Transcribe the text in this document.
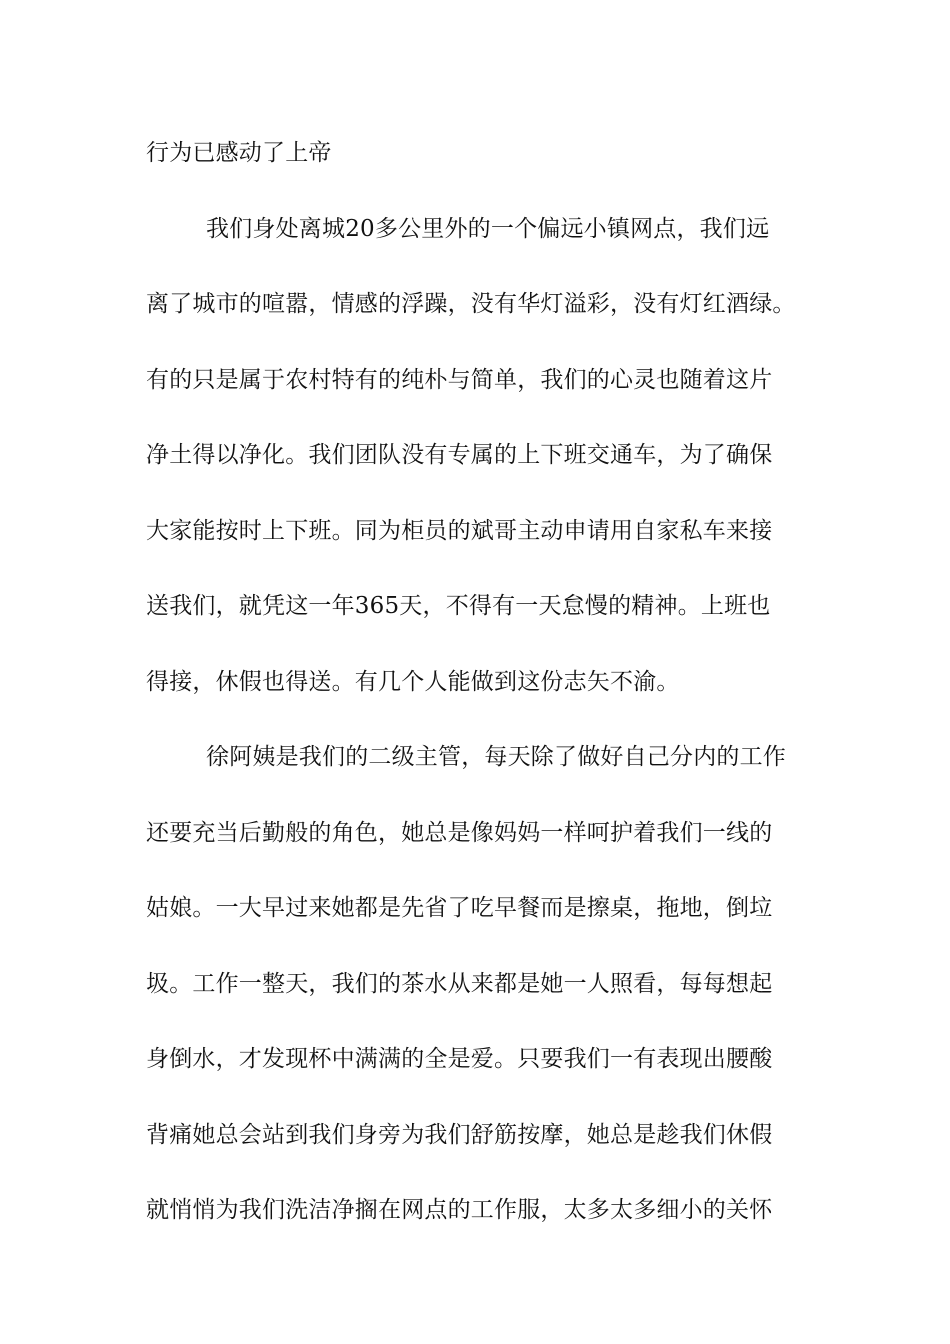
行为已感动了上帝
我们身处离城20多公里外的一个偏远小镇网点，我们远
离了城市的喧嚣，情感的浮躁，没有华灯溢彩，没有灯红酒绿。
有的只是属于农村特有的纯朴与简单，我们的心灵也随着这片
净土得以净化。我们团队没有专属的上下班交通车，为了确保
大家能按时上下班。同为柜员的斌哥主动申请用自家私车来接
送我们，就凭这一年365天，不得有一天怠慢的精神。上班也
得接，休假也得送。有几个人能做到这份志矢不渝。
徐阿姨是我们的二级主管，每天除了做好自己分内的工作
还要充当后勤般的角色，她总是像妈妈一样呵护着我们一线的
姑娘。一大早过来她都是先省了吃早餐而是擦桌，拖地，倒垃
圾。工作一整天，我们的茶水从来都是她一人照看，每每想起
身倒水，才发现杯中满满的全是爱。只要我们一有表现出腰酸
背痛她总会站到我们身旁为我们舒筋按摩，她总是趁我们休假
就悄悄为我们洗洁净搁在网点的工作服，太多太多细小的关怀
